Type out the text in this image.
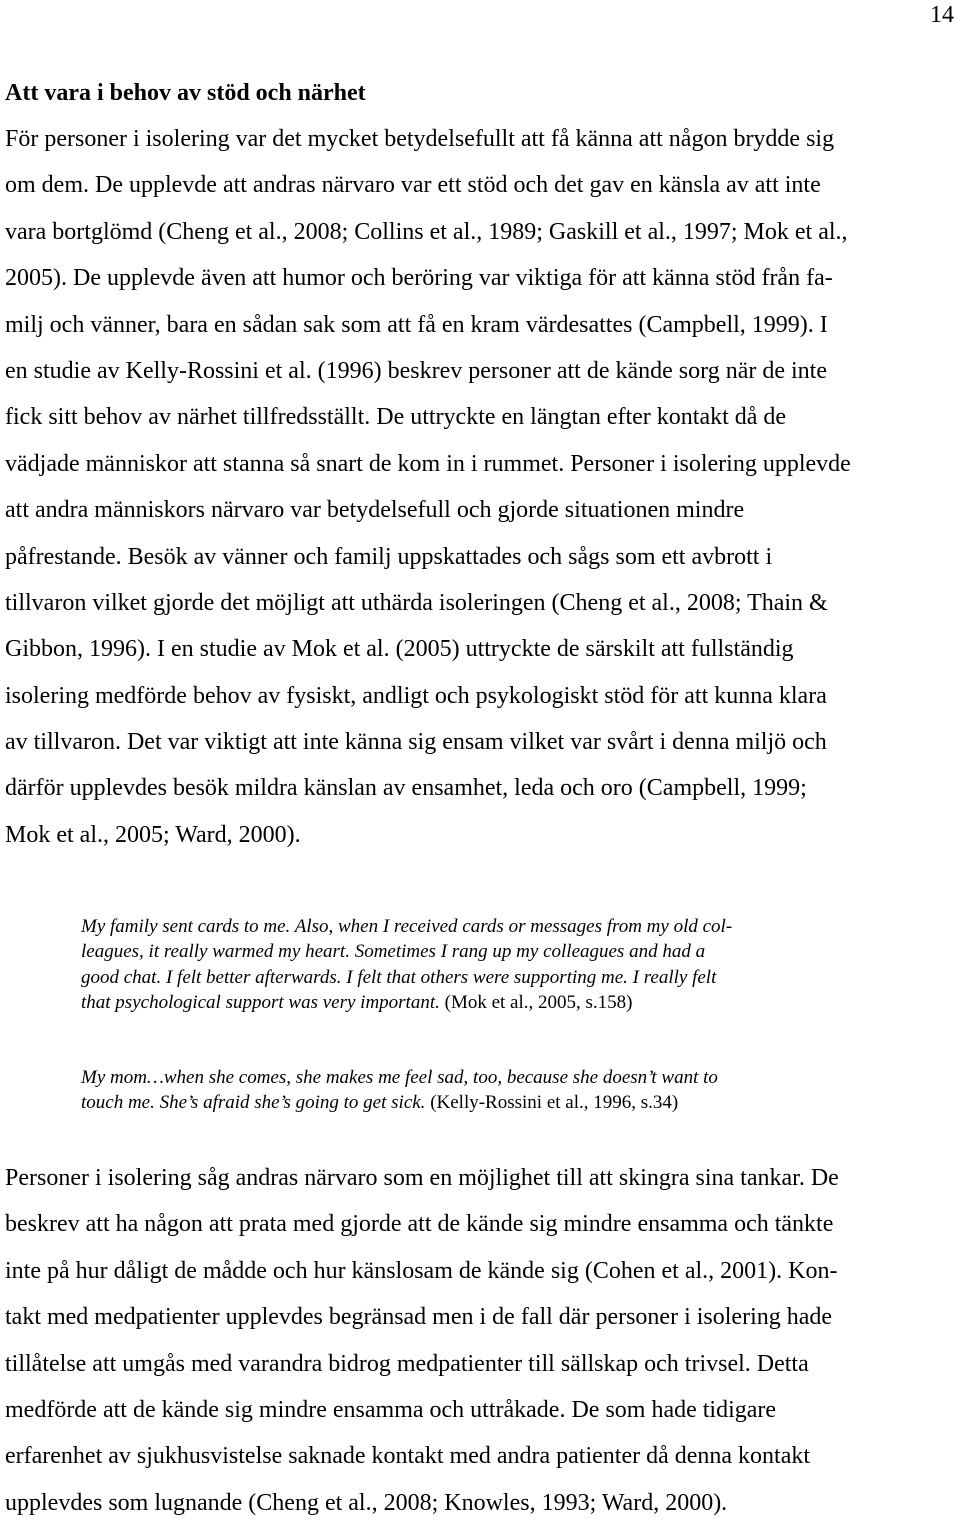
14
Att vara i behov av stöd och närhet
För personer i isolering var det mycket betydelsefullt att få känna att någon brydde sig
om dem. De upplevde att andras närvaro var ett stöd och det gav en känsla av att inte
vara bortglömd (Cheng et al., 2008; Collins et al., 1989; Gaskill et al., 1997; Mok et al.,
2005). De upplevde även att humor och beröring var viktiga för att känna stöd från fa-
milj och vänner, bara en sådan sak som att få en kram värdesattes (Campbell, 1999). I
en studie av Kelly-Rossini et al. (1996) beskrev personer att de kände sorg när de inte
fick sitt behov av närhet tillfredsställt. De uttryckte en längtan efter kontakt då de
vädjade människor att stanna så snart de kom in i rummet. Personer i isolering upplevde
att andra människors närvaro var betydelsefull och gjorde situationen mindre
påfrestande. Besök av vänner och familj uppskattades och sågs som ett avbrott i
tillvaron vilket gjorde det möjligt att uthärda isoleringen (Cheng et al., 2008; Thain &
Gibbon, 1996). I en studie av Mok et al. (2005) uttryckte de särskilt att fullständig
isolering medförde behov av fysiskt, andligt och psykologiskt stöd för att kunna klara
av tillvaron. Det var viktigt att inte känna sig ensam vilket var svårt i denna miljö och
därför upplevdes besök mildra känslan av ensamhet, leda och oro (Campbell, 1999;
Mok et al., 2005; Ward, 2000).
My family sent cards to me. Also, when I received cards or messages from my old col-
leagues, it really warmed my heart. Sometimes I rang up my colleagues and had a
good chat. I felt better afterwards. I felt that others were supporting me. I really felt
that psychological support was very important. (Mok et al., 2005, s.158)
My mom…when she comes, she makes me feel sad, too, because she doesn’t want to
touch me. She’s afraid she’s going to get sick. (Kelly-Rossini et al., 1996, s.34)
Personer i isolering såg andras närvaro som en möjlighet till att skingra sina tankar. De
beskrev att ha någon att prata med gjorde att de kände sig mindre ensamma och tänkte
inte på hur dåligt de mådde och hur känslosam de kände sig (Cohen et al., 2001). Kon-
takt med medpatienter upplevdes begränsad men i de fall där personer i isolering hade
tillåtelse att umgås med varandra bidrog medpatienter till sällskap och trivsel. Detta
medförde att de kände sig mindre ensamma och uttråkade. De som hade tidigare
erfarenhet av sjukhusvistelse saknade kontakt med andra patienter då denna kontakt
upplevdes som lugnande (Cheng et al., 2008; Knowles, 1993; Ward, 2000).
